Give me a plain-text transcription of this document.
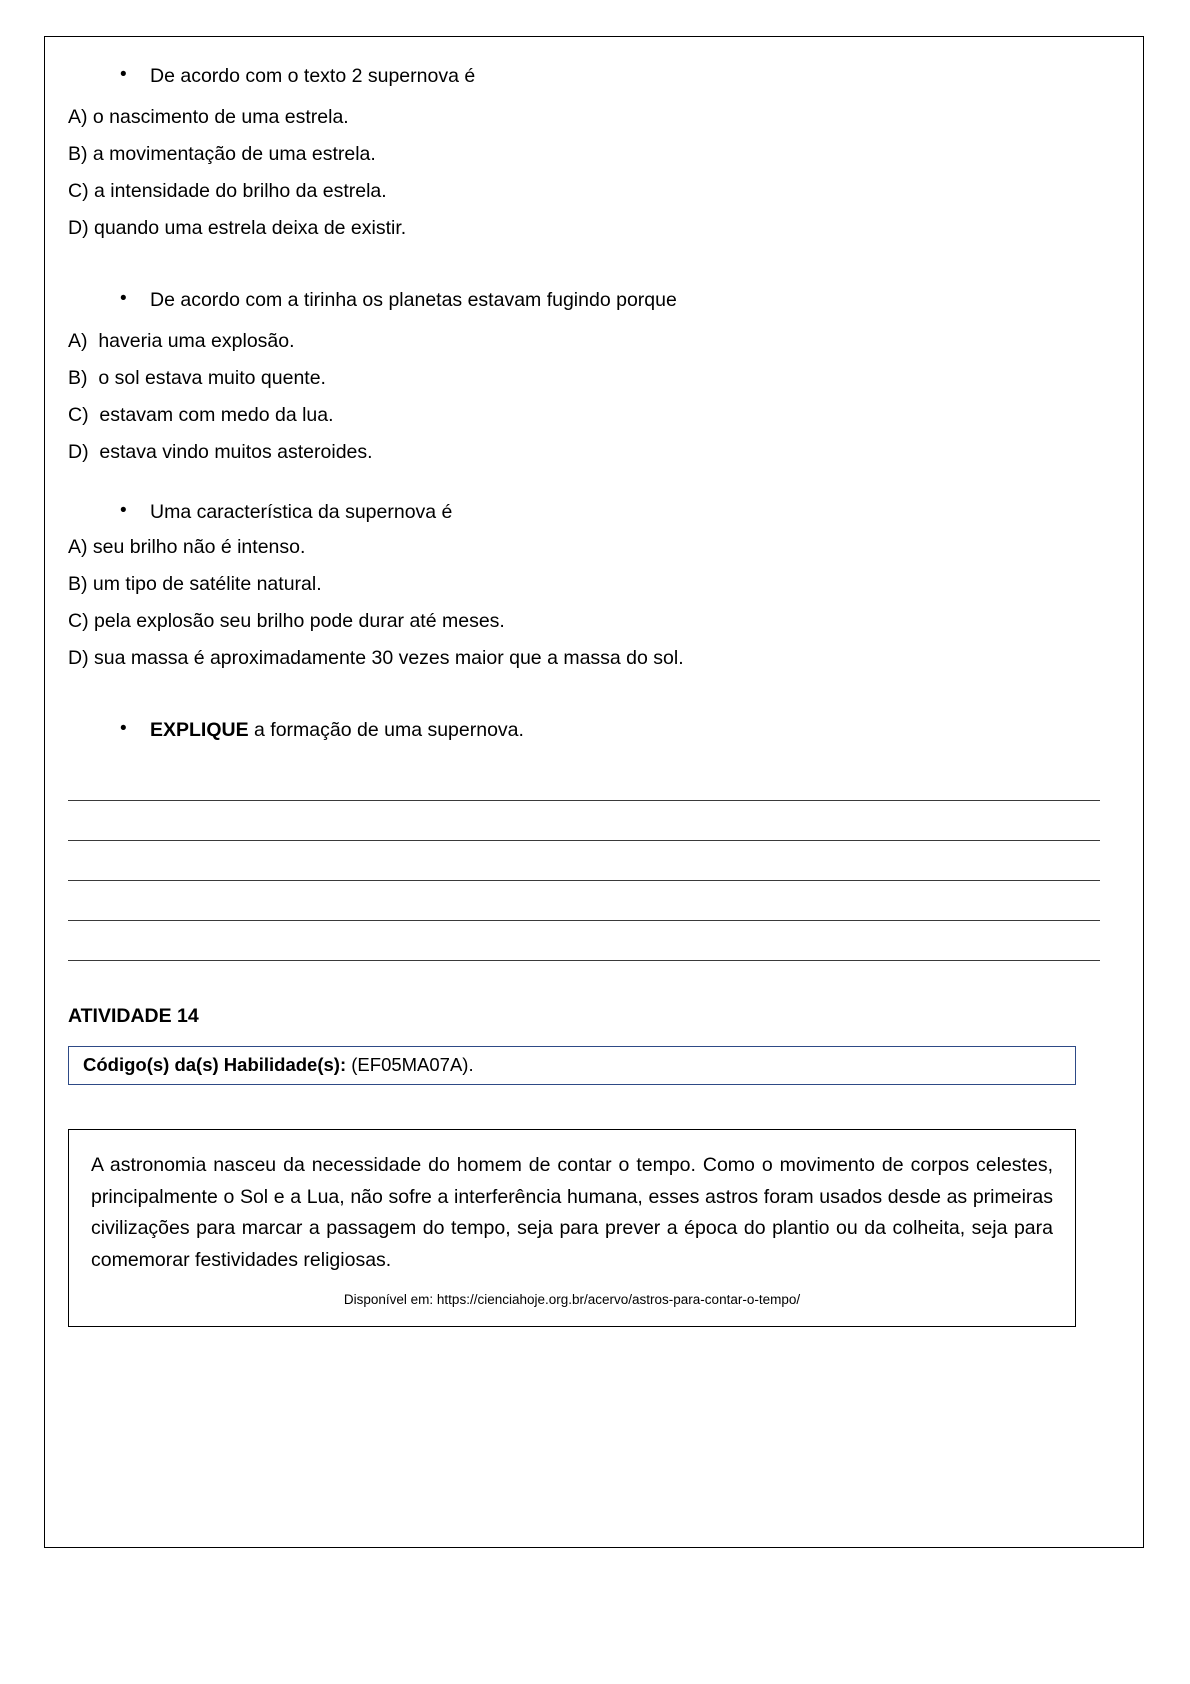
•	De acordo com o texto 2 supernova é
A) o nascimento de uma estrela.
B) a movimentação de uma estrela.
C) a intensidade do brilho da estrela.
D) quando uma estrela deixa de existir.
•	De acordo com a tirinha os planetas estavam fugindo porque
A)  haveria uma explosão.
B)  o sol estava muito quente.
C)  estavam com medo da lua.
D)  estava vindo muitos asteroides.
•	Uma característica da supernova é
A) seu brilho não é intenso.
B) um tipo de satélite natural.
C) pela explosão seu brilho pode durar até meses.
D) sua massa é aproximadamente 30 vezes maior que a massa do sol.
•	EXPLIQUE a formação de uma supernova.
ATIVIDADE 14
Código(s) da(s) Habilidade(s): (EF05MA07A).

A astronomia nasceu da necessidade do homem de contar o tempo. Como o movimento de corpos celestes, principalmente o Sol e a Lua, não sofre a interferência humana, esses astros foram usados desde as primeiras civilizações para marcar a passagem do tempo, seja para prever a época do plantio ou da colheita, seja para comemorar festividades religiosas.

Disponível em: https://cienciahoje.org.br/acervo/astros-para-contar-o-tempo/
